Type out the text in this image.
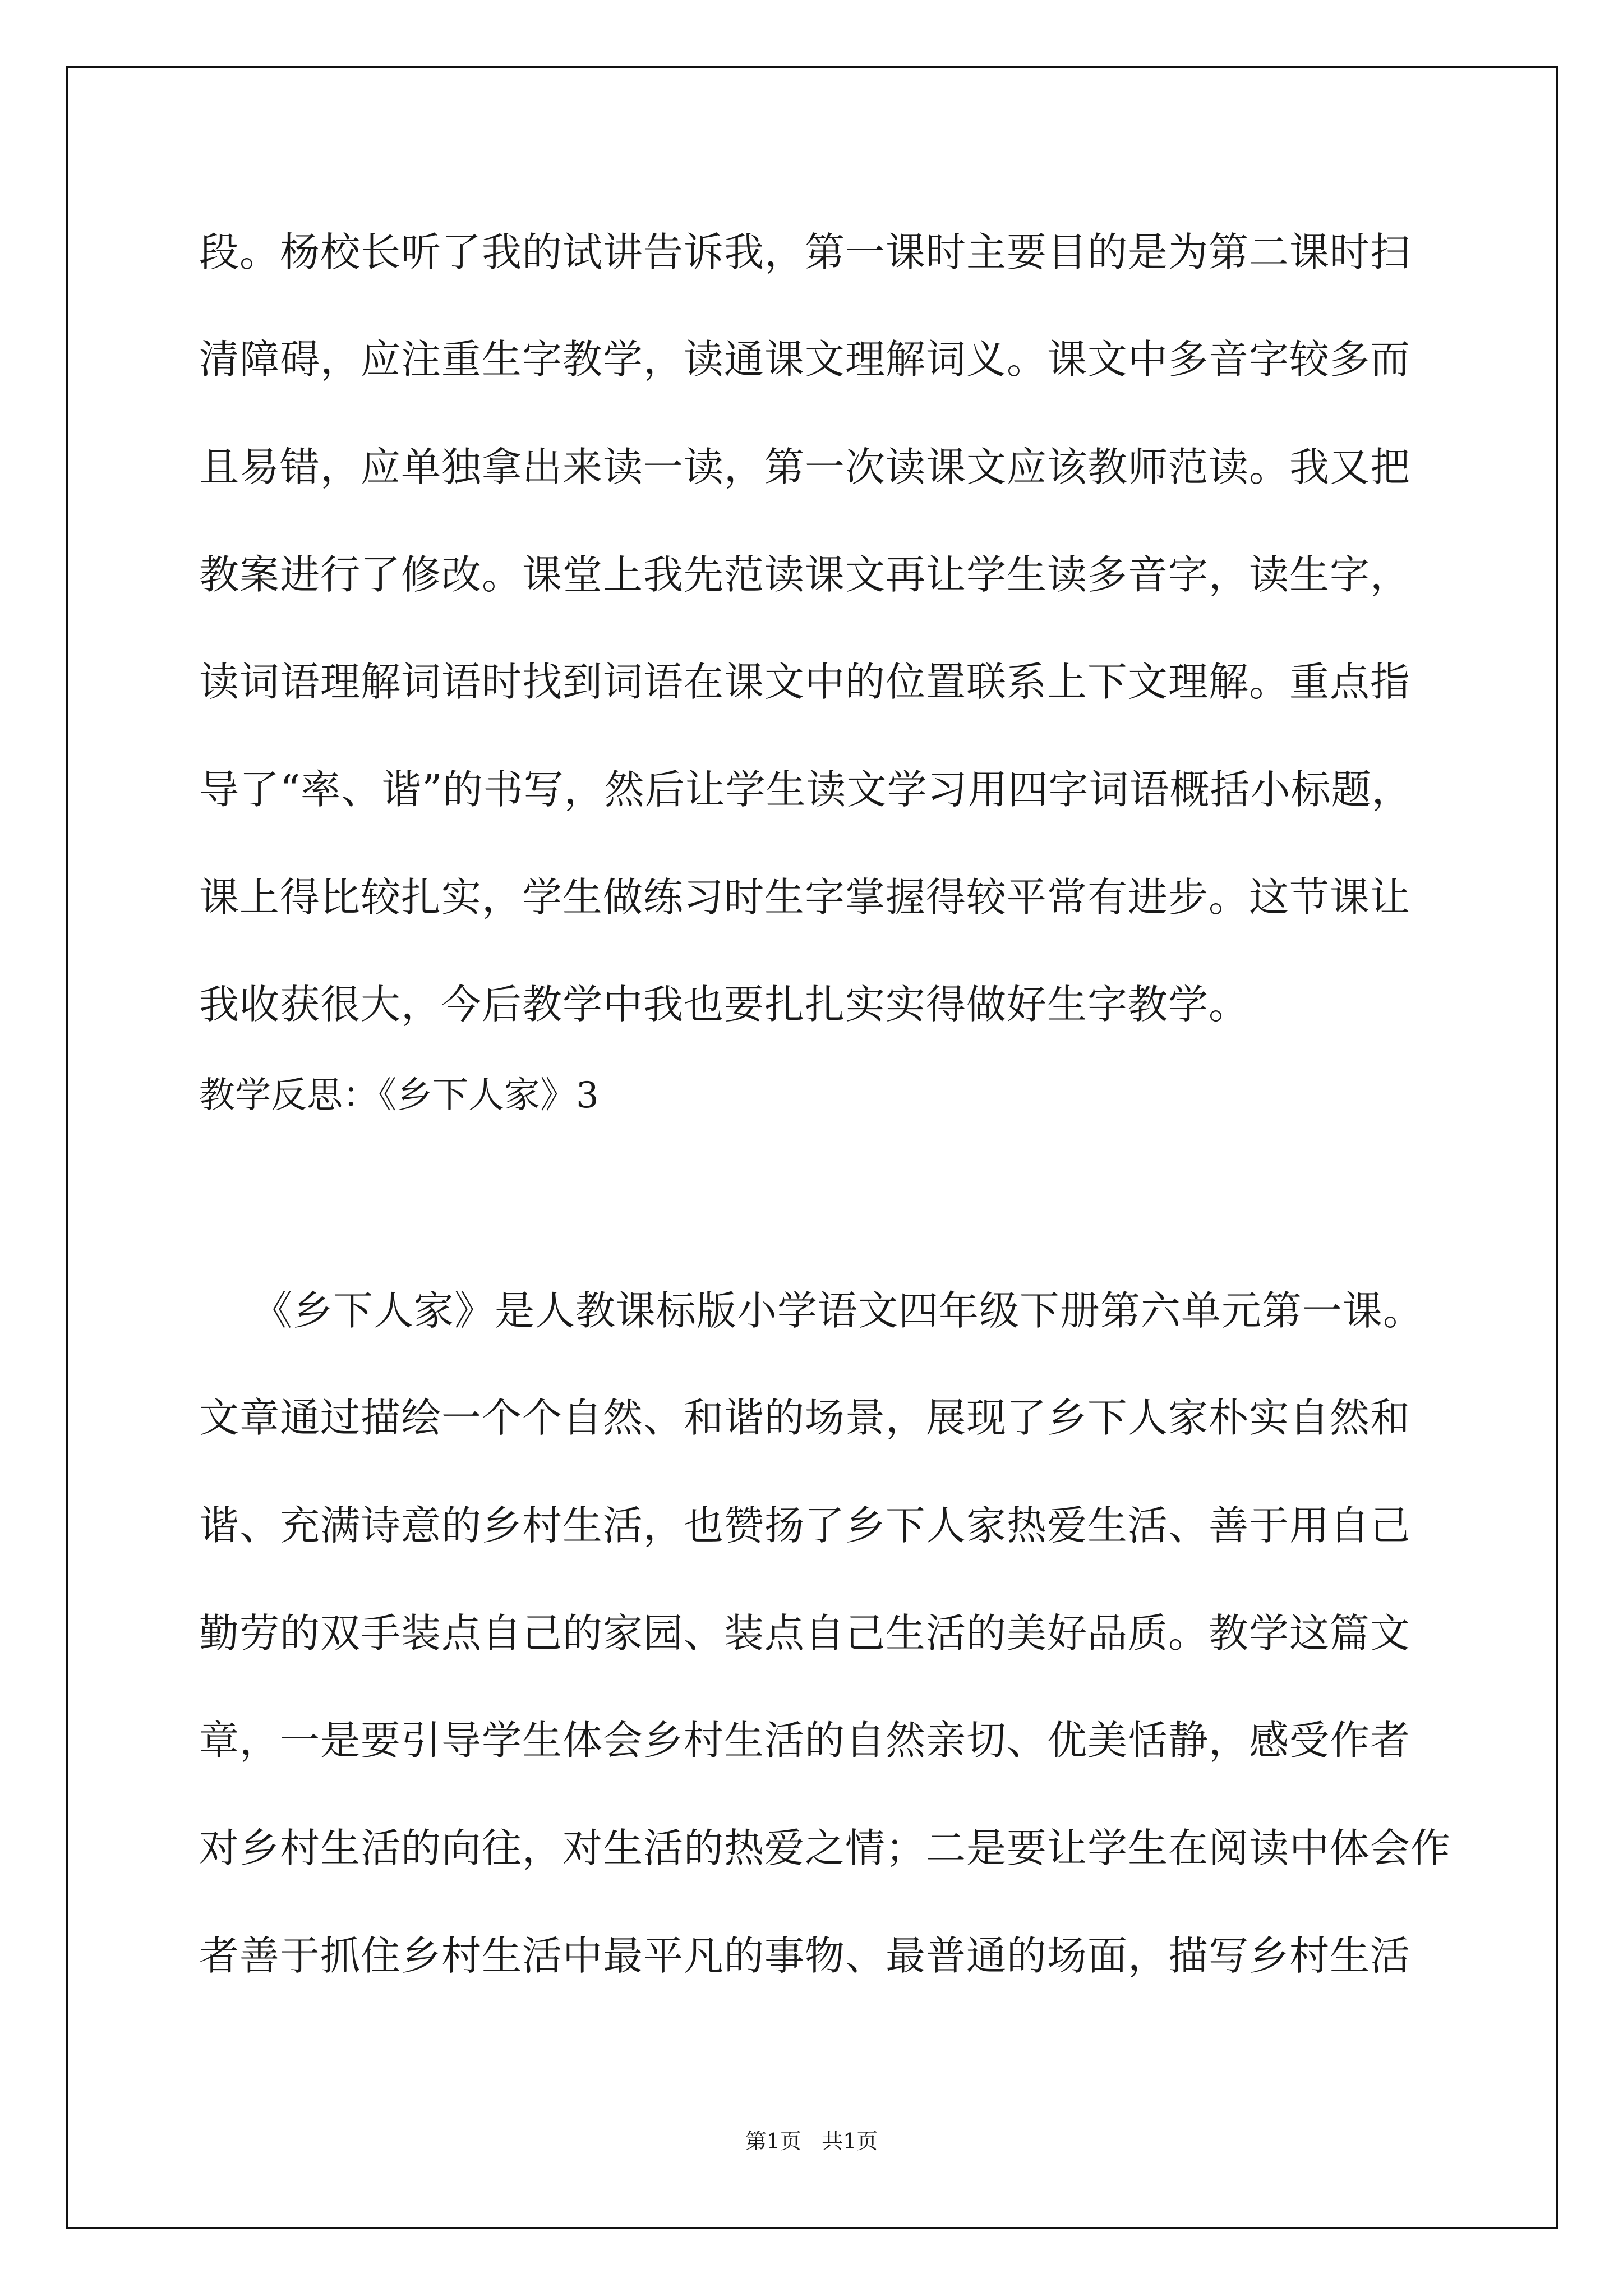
段。杨校长听了我的试讲告诉我，第一课时主要目的是为第二课时扫
清障碍，应注重生字教学，读通课文理解词义。课文中多音字较多而
且易错，应单独拿出来读一读，第一次读课文应该教师范读。我又把
教案进行了修改。课堂上我先范读课文再让学生读多音字，读生字，
读词语理解词语时找到词语在课文中的位置联系上下文理解。重点指
导了“率、谐”的书写，然后让学生读文学习用四字词语概括小标题，
课上得比较扎实，学生做练习时生字掌握得较平常有进步。这节课让
我收获很大，今后教学中我也要扎扎实实得做好生字教学。
教学反思：《乡下人家》3
《乡下人家》是人教课标版小学语文四年级下册第六单元第一课。
文章通过描绘一个个自然、和谐的场景，展现了乡下人家朴实自然和
谐、充满诗意的乡村生活，也赞扬了乡下人家热爱生活、善于用自己
勤劳的双手装点自己的家园、装点自己生活的美好品质。教学这篇文
章，一是要引导学生体会乡村生活的自然亲切、优美恬静，感受作者
对乡村生活的向往，对生活的热爱之情；二是要让学生在阅读中体会作
者善于抓住乡村生活中最平凡的事物、最普通的场面，描写乡村生活
第1页   共1页
